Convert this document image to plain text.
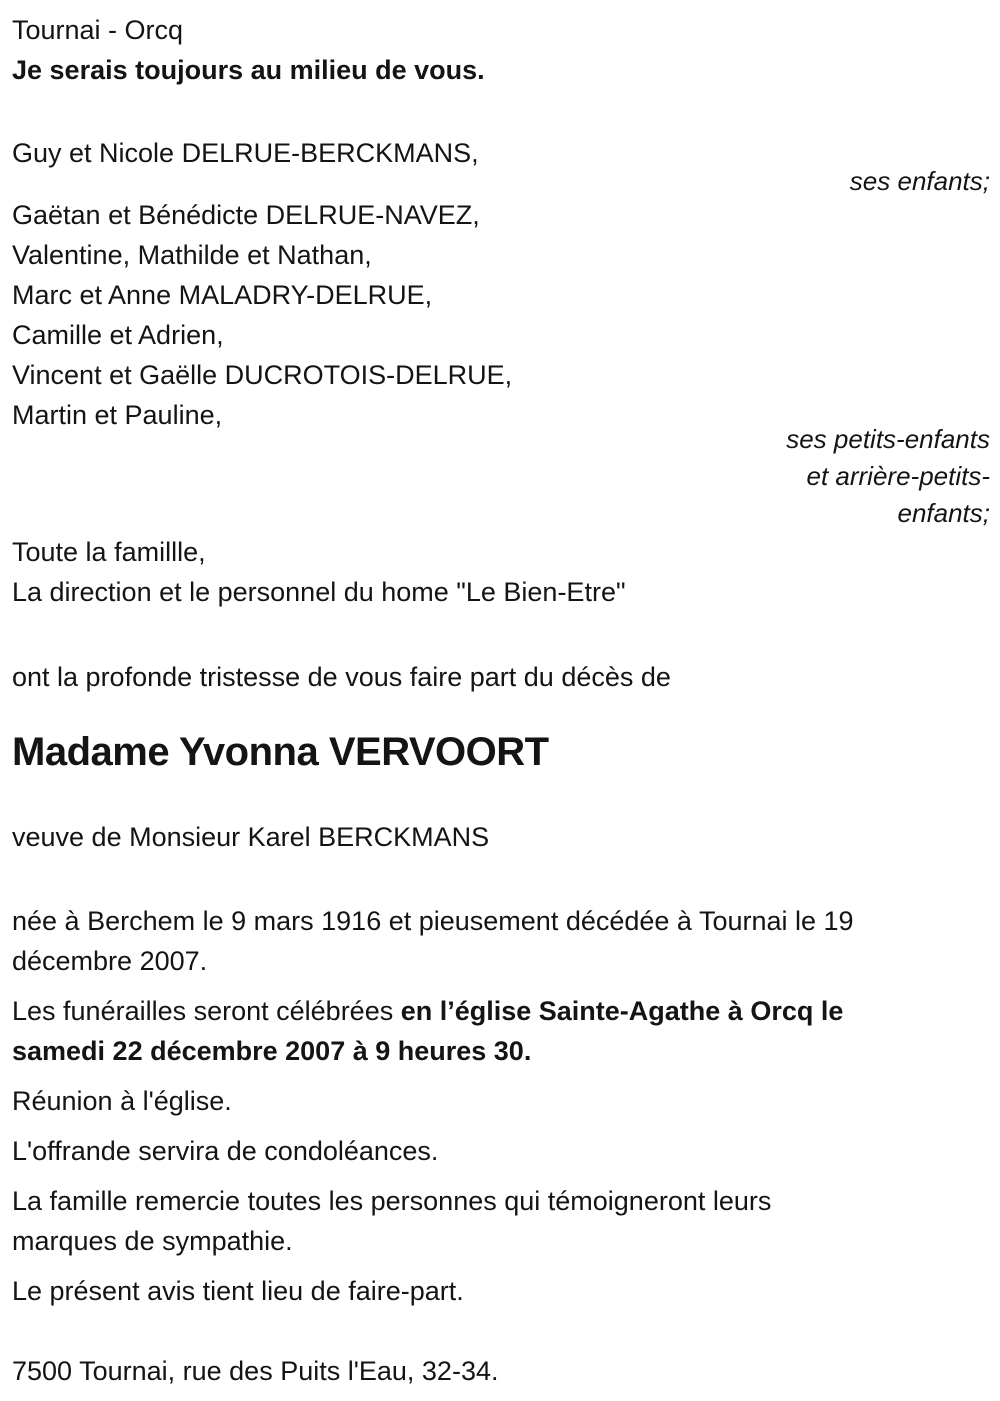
Tournai - Orcq
Je serais toujours au milieu de vous.
Guy et Nicole DELRUE-BERCKMANS,
ses enfants;
Gaëtan et Bénédicte DELRUE-NAVEZ,
Valentine, Mathilde et Nathan,
Marc et Anne MALADRY-DELRUE,
Camille et Adrien,
Vincent et Gaëlle DUCROTOIS-DELRUE,
Martin et Pauline,
ses petits-enfants
et arrière-petits-
enfants;
Toute la famillle,
La direction et le personnel du home "Le Bien-Etre"
ont la profonde tristesse de vous faire part du décès de
Madame Yvonna VERVOORT
veuve de Monsieur Karel BERCKMANS
née à Berchem le 9 mars 1916 et pieusement décédée à Tournai le 19
décembre 2007.
Les funérailles seront célébrées en l’église Sainte-Agathe à Orcq le
samedi 22 décembre 2007 à 9 heures 30.
Réunion à l'église.
L'offrande servira de condoléances.
La famille remercie toutes les personnes qui témoigneront leurs
marques de sympathie.
Le présent avis tient lieu de faire-part.
7500 Tournai, rue des Puits l'Eau, 32-34.
